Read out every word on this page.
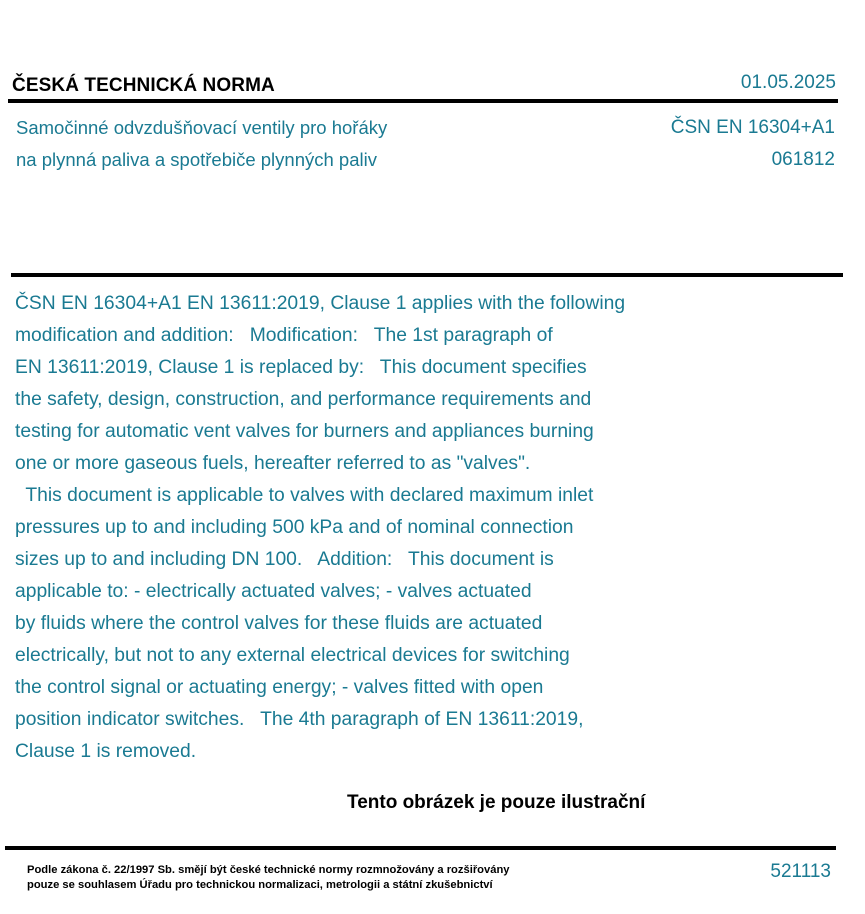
ČESKÁ TECHNICKÁ NORMA	01.05.2025
Samočinné odvzdušňovací ventily pro hořáky
na plynná paliva a spotřebiče plynných paliv
ČSN EN 16304+A1
061812
ČSN EN 16304+A1 EN 13611:2019, Clause 1 applies with the following
modification and addition:   Modification:   The 1st paragraph of
EN 13611:2019, Clause 1 is replaced by:   This document specifies
the safety, design, construction, and performance requirements and
testing for automatic vent valves for burners and appliances burning
one or more gaseous fuels, hereafter referred to as "valves".
This document is applicable to valves with declared maximum inlet
pressures up to and including 500 kPa and of nominal connection
sizes up to and including DN 100.   Addition:   This document is
applicable to: - electrically actuated valves; - valves actuated
by fluids where the control valves for these fluids are actuated
electrically, but not to any external electrical devices for switching
the control signal or actuating energy; - valves fitted with open
position indicator switches.   The 4th paragraph of EN 13611:2019,
Clause 1 is removed.
Tento obrázek je pouze ilustrační
Podle zákona č. 22/1997 Sb. smějí být české technické normy rozmnožovány a rozšiřovány
pouze se souhlasem Úřadu pro technickou normalizaci, metrologii a státní zkušebnictví
521113
